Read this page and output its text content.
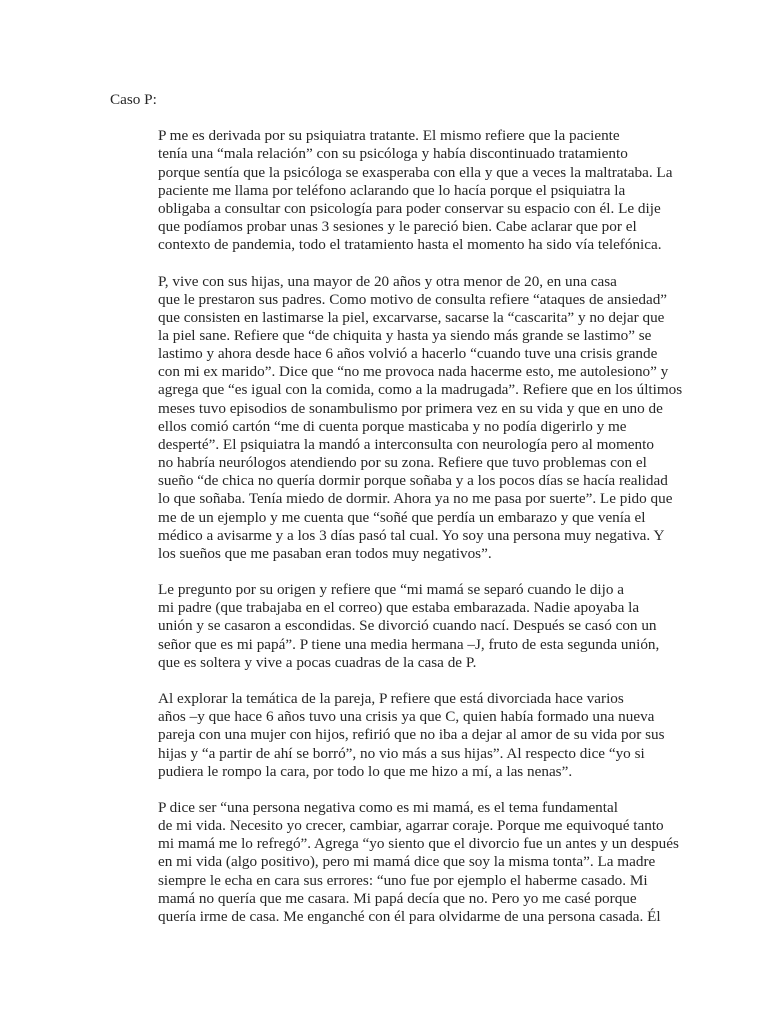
Caso P:
P me es derivada por su psiquiatra tratante. El mismo refiere que la paciente
tenía una “mala relación” con su psicóloga y había discontinuado tratamiento
porque sentía que la psicóloga se exasperaba con ella y que a veces la maltrataba. La
paciente me llama por teléfono aclarando que lo hacía porque el psiquiatra la
obligaba a consultar con psicología para poder conservar su espacio con él. Le dije
que podíamos probar unas 3 sesiones y le pareció bien. Cabe aclarar que por el
contexto de pandemia, todo el tratamiento hasta el momento ha sido vía telefónica.
P, vive con sus hijas, una mayor de 20 años y otra menor de 20, en una casa
que le prestaron sus padres. Como motivo de consulta refiere “ataques de ansiedad”
que consisten en lastimarse la piel, excarvarse, sacarse la “cascarita” y no dejar que
la piel sane. Refiere que “de chiquita y hasta ya siendo más grande se lastimo” se
lastimo y ahora desde hace 6 años volvió a hacerlo “cuando tuve una crisis grande
con mi ex marido”. Dice que “no me provoca nada hacerme esto, me autolesiono” y
agrega que “es igual con la comida, como a la madrugada”. Refiere que en los últimos
meses tuvo episodios de sonambulismo por primera vez en su vida y que en uno de
ellos comió cartón “me di cuenta porque masticaba y no podía digerirlo y me
desperté”. El psiquiatra la mandó a interconsulta con neurología pero al momento
no habría neurólogos atendiendo por su zona. Refiere que tuvo problemas con el
sueño “de chica no quería dormir porque soñaba y a los pocos días se hacía realidad
lo que soñaba. Tenía miedo de dormir. Ahora ya no me pasa por suerte”. Le pido que
me de un ejemplo y me cuenta que “soñé que perdía un embarazo y que venía el
médico a avisarme y a los 3 días pasó tal cual. Yo soy una persona muy negativa. Y
los sueños que me pasaban eran todos muy negativos”.
Le pregunto por su origen y refiere que “mi mamá se separó cuando le dijo a
mi padre (que trabajaba en el correo) que estaba embarazada. Nadie apoyaba la
unión y se casaron a escondidas. Se divorció cuando nací. Después se casó con un
señor que es mi papá”. P tiene una media hermana –J, fruto de esta segunda unión,
que es soltera y vive a pocas cuadras de la casa de P.
Al explorar la temática de la pareja, P refiere que está divorciada hace varios
años –y que hace 6 años tuvo una crisis ya que C, quien había formado una nueva
pareja con una mujer con hijos, refirió que no iba a dejar al amor de su vida por sus
hijas y “a partir de ahí se borró”, no vio más a sus hijas”. Al respecto dice “yo si
pudiera le rompo la cara, por todo lo que me hizo a mí, a las nenas”.
P dice ser “una persona negativa como es mi mamá, es el tema fundamental
de mi vida. Necesito yo crecer, cambiar, agarrar coraje. Porque me equivoqué tanto
mi mamá me lo refregó”. Agrega “yo siento que el divorcio fue un antes y un después
en mi vida (algo positivo), pero mi mamá dice que soy la misma tonta”. La madre
siempre le echa en cara sus errores: “uno fue por ejemplo el haberme casado. Mi
mamá no quería que me casara. Mi papá decía que no. Pero yo me casé porque
quería irme de casa. Me enganché con él para olvidarme de una persona casada. Él
